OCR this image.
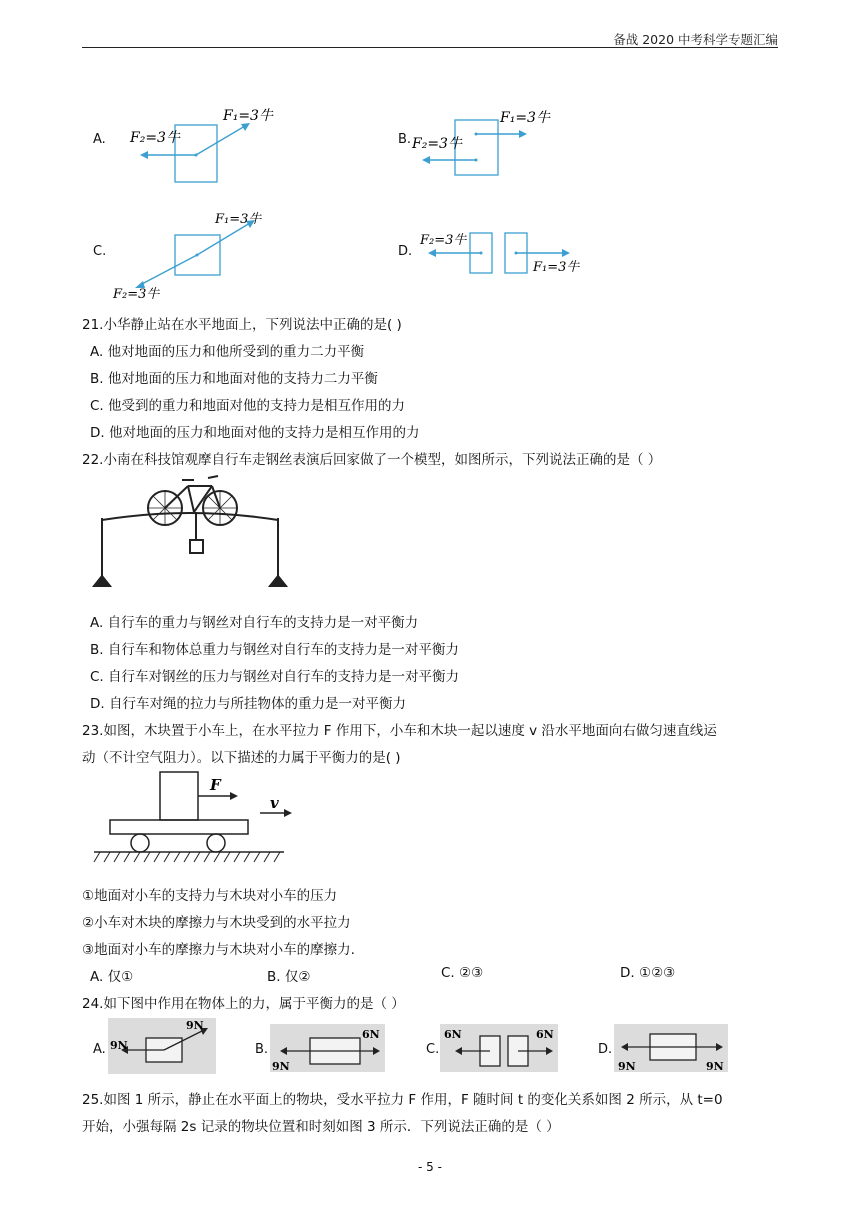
备战 2020 中考科学专题汇编
A.
F₁=3牛
F₂=3牛	B.
F₁=3牛
F₂=3牛
C.
F₁=3牛
F₂=3牛
D.
F₂=3牛
F₁=3牛
21.小华静止站在水平地面上，下列说法中正确的是( )
A. 他对地面的压力和他所受到的重力二力平衡
B. 他对地面的压力和地面对他的支持力二力平衡
C. 他受到的重力和地面对他的支持力是相互作用的力
D. 他对地面的压力和地面对他的支持力是相互作用的力
22.小南在科技馆观摩自行车走钢丝表演后回家做了一个模型，如图所示，下列说法正确的是（ ）
A. 自行车的重力与钢丝对自行车的支持力是一对平衡力
B. 自行车和物体总重力与钢丝对自行车的支持力是一对平衡力
C. 自行车对钢丝的压力与钢丝对自行车的支持力是一对平衡力
D. 自行车对绳的拉力与所挂物体的重力是一对平衡力
23.如图，木块置于小车上，在水平拉力 F 作用下，小车和木块一起以速度 v 沿水平地面向右做匀速直线运
动（不计空气阻力）。以下描述的力属于平衡力的是( )
F
v
①地面对小车的支持力与木块对小车的压力
②小车对木块的摩擦力与木块受到的水平拉力
③地面对小车的摩擦力与木块对小车的摩擦力.
A. 仅①	B. 仅②	C. ②③	D. ①②③
24.如下图中作用在物体上的力，属于平衡力的是（ ）
A. 9N
9N
B.
9N
6N
C.
6N	6N
D.
9N	9N
25.如图 1 所示，静止在水平面上的物块，受水平拉力 F 作用，F 随时间 t 的变化关系如图 2 所示，从 t=0
开始，小强每隔 2s 记录的物块位置和时刻如图 3 所示．下列说法正确的是（ ）
- 5 -
